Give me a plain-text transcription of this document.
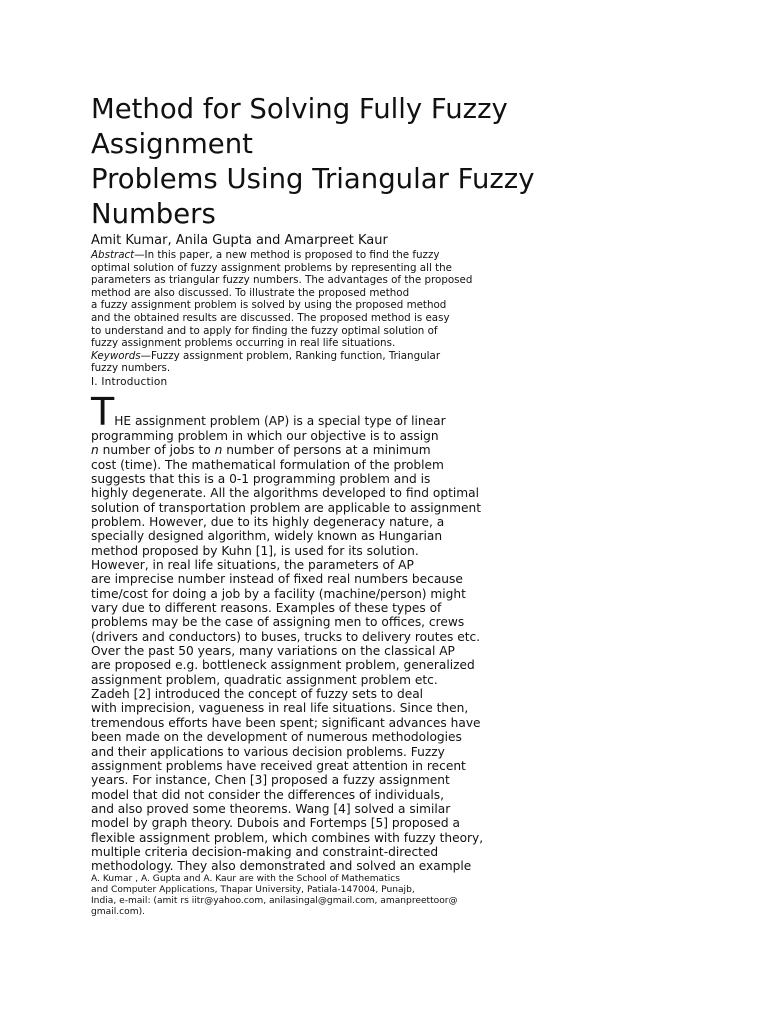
Method for Solving Fully Fuzzy
Assignment
Problems Using Triangular Fuzzy
Numbers
Amit Kumar, Anila Gupta and Amarpreet Kaur
Abstract—In this paper, a new method is proposed to find the fuzzy
optimal solution of fuzzy assignment problems by representing all the
parameters as triangular fuzzy numbers. The advantages of the proposed
method are also discussed. To illustrate the proposed method
a fuzzy assignment problem is solved by using the proposed method
and the obtained results are discussed. The proposed method is easy
to understand and to apply for finding the fuzzy optimal solution of
fuzzy assignment problems occurring in real life situations.
Keywords—Fuzzy assignment problem, Ranking function, Triangular
fuzzy numbers.
I. Introduction
THE assignment problem (AP) is a special type of linear
programming problem in which our objective is to assign
n number of jobs to n number of persons at a minimum
cost (time). The mathematical formulation of the problem
suggests that this is a 0-1 programming problem and is
highly degenerate. All the algorithms developed to find optimal
solution of transportation problem are applicable to assignment
problem. However, due to its highly degeneracy nature, a
specially designed algorithm, widely known as Hungarian
method proposed by Kuhn [1], is used for its solution.
However, in real life situations, the parameters of AP
are imprecise number instead of fixed real numbers because
time/cost for doing a job by a facility (machine/person) might
vary due to different reasons. Examples of these types of
problems may be the case of assigning men to offices, crews
(drivers and conductors) to buses, trucks to delivery routes etc.
Over the past 50 years, many variations on the classical AP
are proposed e.g. bottleneck assignment problem, generalized
assignment problem, quadratic assignment problem etc.
Zadeh [2] introduced the concept of fuzzy sets to deal
with imprecision, vagueness in real life situations. Since then,
tremendous efforts have been spent; significant advances have
been made on the development of numerous methodologies
and their applications to various decision problems. Fuzzy
assignment problems have received great attention in recent
years. For instance, Chen [3] proposed a fuzzy assignment
model that did not consider the differences of individuals,
and also proved some theorems. Wang [4] solved a similar
model by graph theory. Dubois and Fortemps [5] proposed a
flexible assignment problem, which combines with fuzzy theory,
multiple criteria decision-making and constraint-directed
methodology. They also demonstrated and solved an example
A. Kumar , A. Gupta and A. Kaur are with the School of Mathematics
and Computer Applications, Thapar University, Patiala-147004, Punajb,
India, e-mail: (amit rs iitr@yahoo.com, anilasingal@gmail.com, amanpreettoor@
gmail.com).
